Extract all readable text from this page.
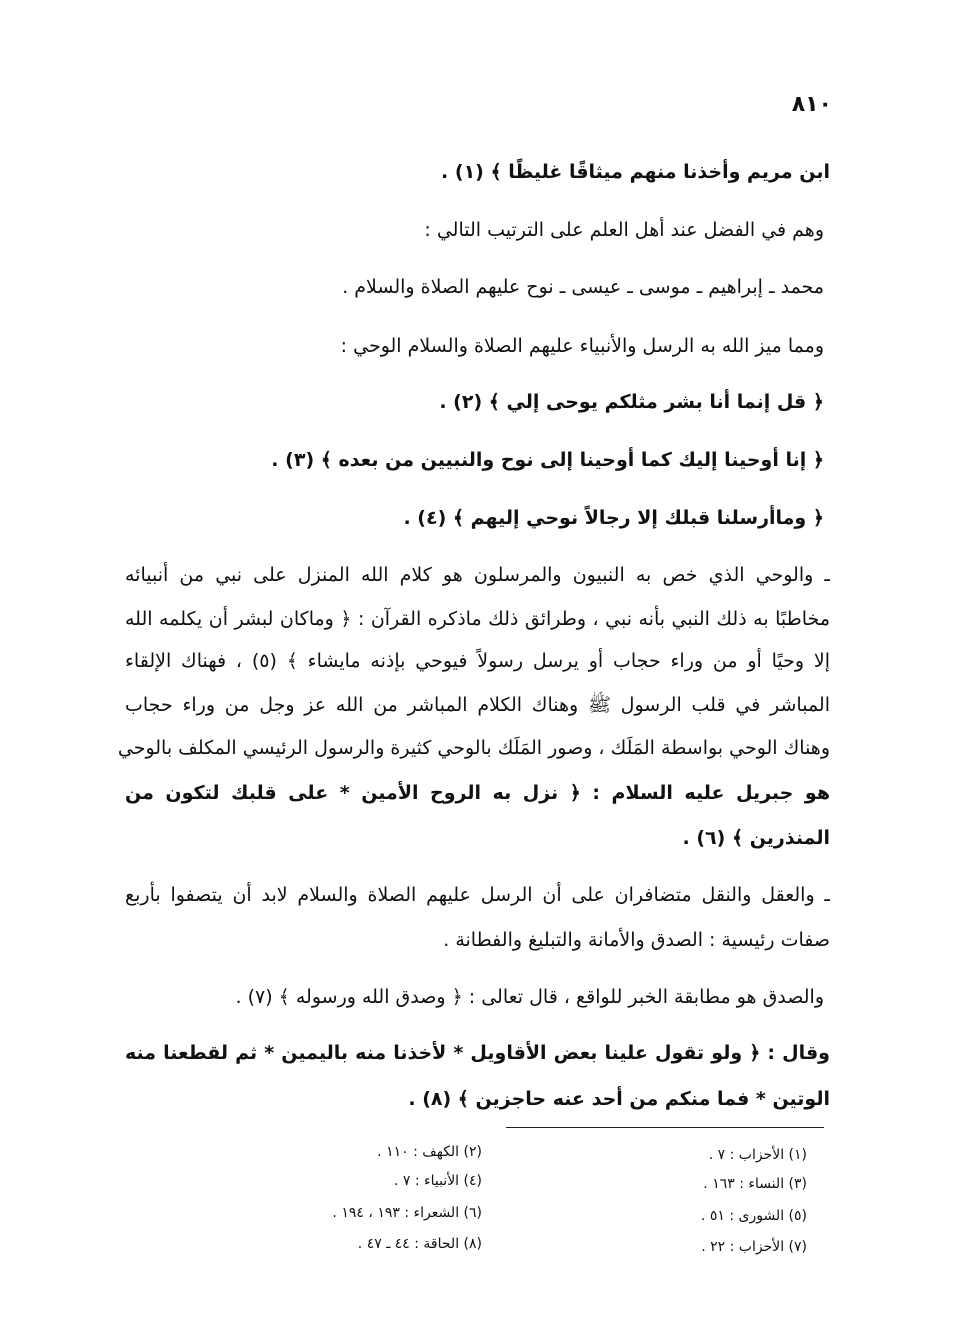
٨١٠
ابن مريم وأخذنا منهم ميثاقًا غليظًا ﴾ (١) .
وهم في الفضل عند أهل العلم على الترتيب التالي :
محمد ـ إبراهيم ـ موسى ـ عيسى ـ نوح عليهم الصلاة والسلام .
ومما ميز الله به الرسل والأنبياء عليهم الصلاة والسلام الوحي :
﴿ قل إنما أنا بشر مثلكم يوحى إلي ﴾ (٢) .
﴿ إنا أوحينا إليك كما أوحينا إلى نوح والنبيين من بعده ﴾ (٣) .
﴿ وماأرسلنا قبلك إلا رجالاً نوحي إليهم ﴾ (٤) .
ـ والوحي الذي خص به النبيون والمرسلون هو كلام الله المنزل على نبي من أنبيائه
مخاطبًا به ذلك النبي بأنه نبي ، وطرائق ذلك ماذكره القرآن : ﴿ وماكان لبشر أن يكلمه الله
إلا وحيًا أو من وراء حجاب أو يرسل رسولاً فيوحي بإذنه مايشاء ﴾ (٥) ، فهناك الإلقاء
المباشر في قلب الرسول ﷺ وهناك الكلام المباشر من الله عز وجل من وراء حجاب
وهناك الوحي بواسطة المَلَك ، وصور المَلَك بالوحي كثيرة والرسول الرئيسي المكلف بالوحي
هو جبريل عليه السلام : ﴿ نزل به الروح الأمين * على قلبك لتكون من
المنذرين ﴾ (٦) .
ـ والعقل والنقل متضافران على أن الرسل عليهم الصلاة والسلام لابد أن يتصفوا بأربع
صفات رئيسية : الصدق والأمانة والتبليغ والفطانة .
والصدق هو مطابقة الخبر للواقع ، قال تعالى : ﴿ وصدق الله ورسوله ﴾ (٧) .
وقال : ﴿ ولو تقول علينا بعض الأقاويل * لأخذنا منه باليمين * ثم لقطعنا منه
الوتين * فما منكم من أحد عنه حاجزين ﴾ (٨) .
(١) الأحزاب : ٧ .
(٢) الكهف : ١١٠ .
(٣) النساء : ١٦٣ .
(٤) الأنبياء : ٧ .
(٥) الشورى : ٥١ .
(٦) الشعراء : ١٩٣ ، ١٩٤ .
(٧) الأحزاب : ٢٢ .
(٨) الحاقة : ٤٤ ـ ٤٧ .
